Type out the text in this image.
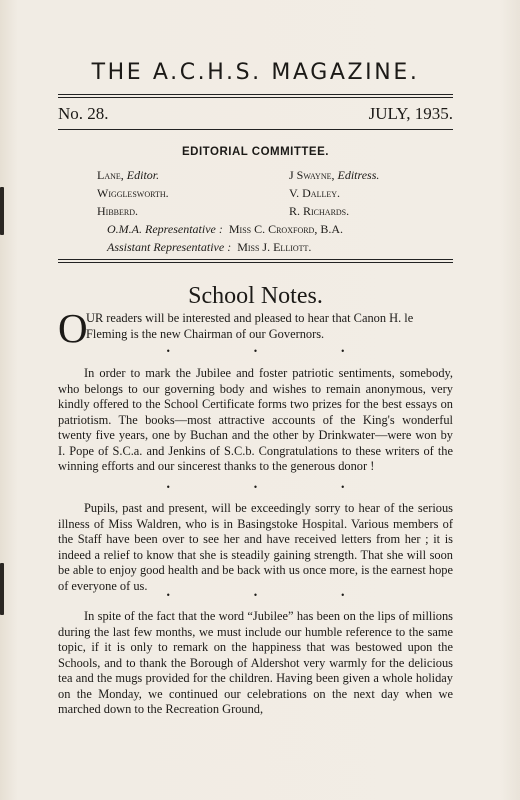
THE A.C.H.S. MAGAZINE.
No. 28.	JULY, 1935.
EDITORIAL COMMITTEE.
Lane, Editor.	J Swayne, Editress.
Wigglesworth.	V. Dalley.
Hibberd.	R. Richards.
O.M.A. Representative : Miss C. Croxford, B.A.
Assistant Representative : Miss J. Elliott.
School Notes.
O
UR readers will be interested and pleased to hear that Canon H. le Fleming is the new Chairman of our Governors.
• • •
In order to mark the Jubilee and foster patriotic sentiments, somebody, who belongs to our governing body and wishes to remain anonymous, very kindly offered to the School Certificate forms two prizes for the best essays on patriotism. The books—most attractive accounts of the King's wonderful twenty five years, one by Buchan and the other by Drinkwater—were won by I. Pope of S.C.a. and Jenkins of S.C.b. Congratulations to these writers of the winning efforts and our sincerest thanks to the generous donor !
• • •
Pupils, past and present, will be exceedingly sorry to hear of the serious illness of Miss Waldren, who is in Basingstoke Hospital. Various members of the Staff have been over to see her and have received letters from her ; it is indeed a relief to know that she is steadily gaining strength. That she will soon be able to enjoy good health and be back with us once more, is the earnest hope of everyone of us.
• • •
In spite of the fact that the word “Jubilee” has been on the lips of millions during the last few months, we must include our humble reference to the same topic, if it is only to remark on the happiness that was bestowed upon the Schools, and to thank the Borough of Aldershot very warmly for the delicious tea and the mugs provided for the children. Having been given a whole holiday on the Monday, we continued our celebrations on the next day when we marched down to the Recreation Ground,
